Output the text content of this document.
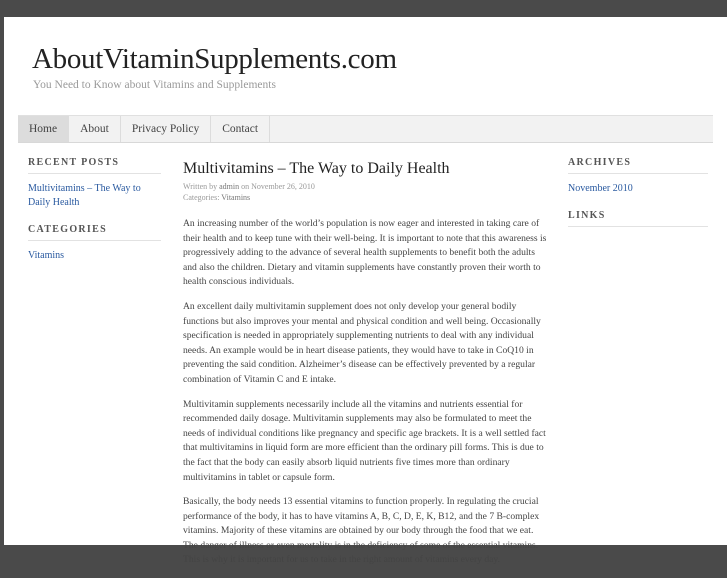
AboutVitaminSupplements.com
You Need to Know about Vitamins and Supplements
Home	About	Privacy Policy	Contact
RECENT POSTS
Multivitamins – The Way to Daily Health
CATEGORIES
Vitamins
Multivitamins – The Way to Daily Health
Written by admin on November 26, 2010
Categories: Vitamins

An increasing number of the world’s population is now eager and interested in taking care of their health and to keep tune with their well-being. It is important to note that this awareness is progressively adding to the advance of several health supplements to benefit both the adults and also the children. Dietary and vitamin supplements have constantly proven their worth to health conscious individuals.

An excellent daily multivitamin supplement does not only develop your general bodily functions but also improves your mental and physical condition and well being. Occasionally specification is needed in appropriately supplementing nutrients to deal with any individual needs. An example would be in heart disease patients, they would have to take in CoQ10 in preventing the said condition. Alzheimer’s disease can be effectively prevented by a regular combination of Vitamin C and E intake.

Multivitamin supplements necessarily include all the vitamins and nutrients essential for recommended daily dosage. Multivitamin supplements may also be formulated to meet the needs of individual conditions like pregnancy and specific age brackets. It is a well settled fact that multivitamins in liquid form are more efficient than the ordinary pill forms. This is due to the fact that the body can easily absorb liquid nutrients five times more than ordinary multivitamins in tablet or capsule form.

Basically, the body needs 13 essential vitamins to function properly. In regulating the crucial performance of the body, it has to have vitamins A, B, C, D, E, K, B12, and the 7 B-complex vitamins. Majority of these vitamins are obtained by our body through the food that we eat. The danger of illness or even mortality is in the deficiency of some of the essential vitamins. This is why it is important for us to take in the right amount of vitamins every day.

ARCHIVES
November 2010
LINKS
